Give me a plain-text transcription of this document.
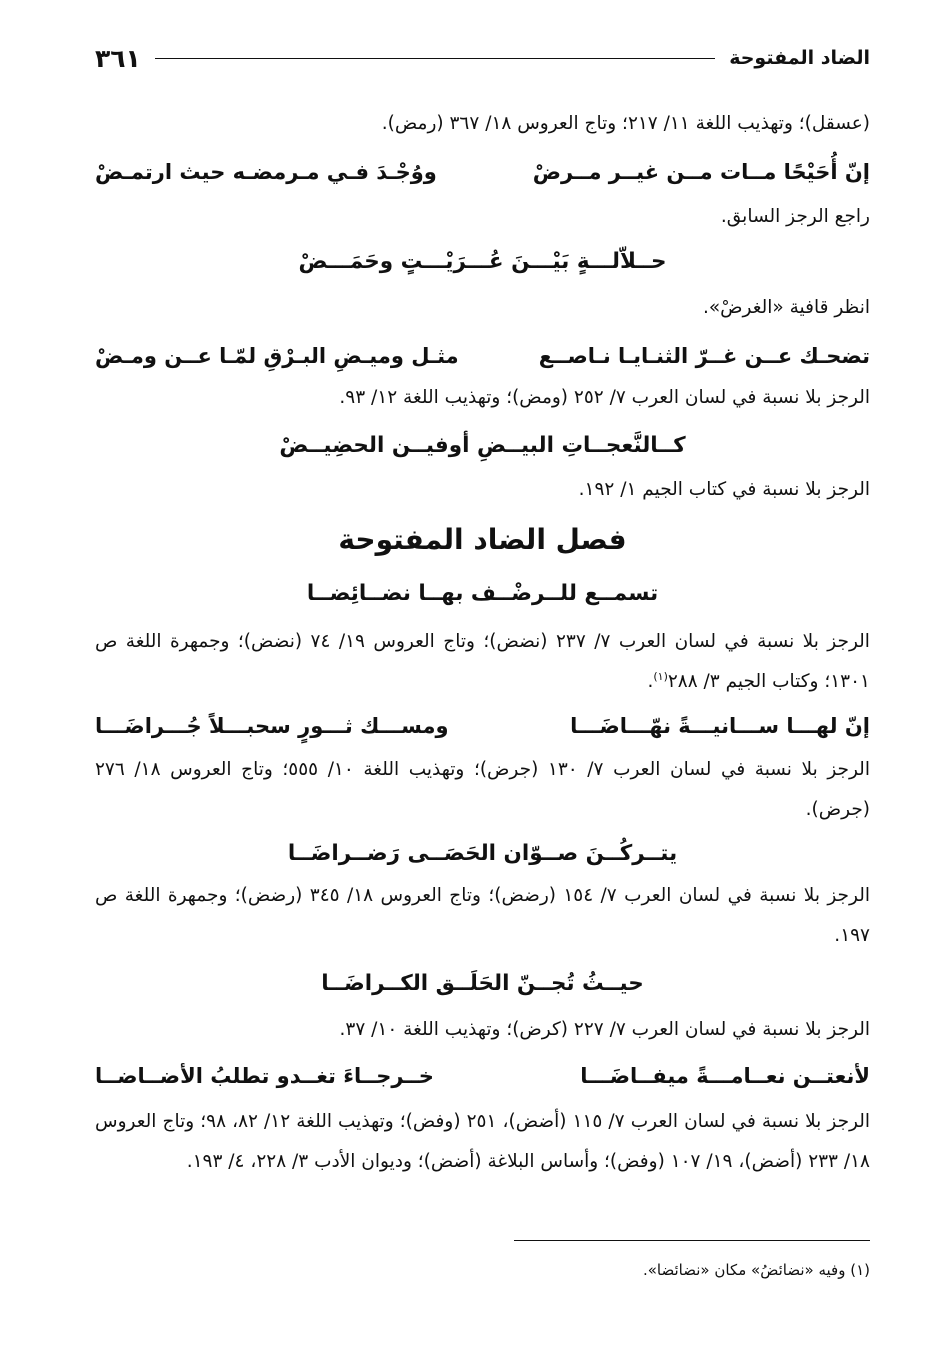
الضاد المفتوحة
٣٦١
(عسقل)؛ وتهذيب اللغة ١١/ ٢١٧؛ وتاج العروس ١٨/ ٣٦٧ (رمض).
إنّ أُحَيْحًا مــات مــن غيــر مــرضْ
ووُجْـدَ فـي مـرمضـه حيث ارتمـضْ
راجع الرجز السابق.
حــلاّلـــةٍ بَيْـــنَ عُـــرَيْـــتٍ وحَمَـــضْ
انظر قافية «الغرضْ».
تضحـك عــن غــرّ الثنـايـا نـاصــع
مثـل وميـضِ البـرْقِ لمّـا عــن ومـضْ
الرجز بلا نسبة في لسان العرب ٧/ ٢٥٢ (ومض)؛ وتهذيب اللغة ١٢/ ٩٣.
كــالنَّعجــاتِ البيــضِ أوفيــن الحضِيــضْ
الرجز بلا نسبة في كتاب الجيم ١/ ١٩٢.
فصل الضاد المفتوحة
تسمــع للــرضْــف بهــا نضــائِضــا
الرجز بلا نسبة في لسان العرب ٧/ ٢٣٧ (نضض)؛ وتاج العروس ١٩/ ٧٤ (نضض)؛ وجمهرة اللغة ص ١٣٠١؛ وكتاب الجيم ٣/ ٢٨٨$^{(١)}$.
إنّ لهـــا ســـانيـــةً نهّـــاضَـــا
ومســـك ثـــورٍ سحبـــلاً جُـــراضَـــا
الرجز بلا نسبة في لسان العرب ٧/ ١٣٠ (جرض)؛ وتهذيب اللغة ١٠/ ٥٥٥؛ وتاج العروس ١٨/ ٢٧٦ (جرض).
يتــركُــنَ صــوّان الحَصَــى رَضــراضَــا
الرجز بلا نسبة في لسان العرب ٧/ ١٥٤ (رضض)؛ وتاج العروس ١٨/ ٣٤٥ (رضض)؛ وجمهرة اللغة ص ١٩٧.
حيــثُ تُجــنّ الحَلَــق الكــراضَــا
الرجز بلا نسبة في لسان العرب ٧/ ٢٢٧ (كرض)؛ وتهذيب اللغة ١٠/ ٣٧.
لأنعتــن نعــامـــةً ميفــاضَـــا
خــرجــاءَ تغــدو تطلبُ الأضــاضــا
الرجز بلا نسبة في لسان العرب ٧/ ١١٥ (أضض)، ٢٥١ (وفض)؛ وتهذيب اللغة ١٢/ ٨٢، ٩٨؛ وتاج العروس ١٨/ ٢٣٣ (أضض)، ١٩/ ١٠٧ (وفض)؛ وأساس البلاغة (أضض)؛ وديوان الأدب ٣/ ٢٢٨، ٤/ ١٩٣.
(١) وفيه «نضائضُ» مكان «نضائضا».
